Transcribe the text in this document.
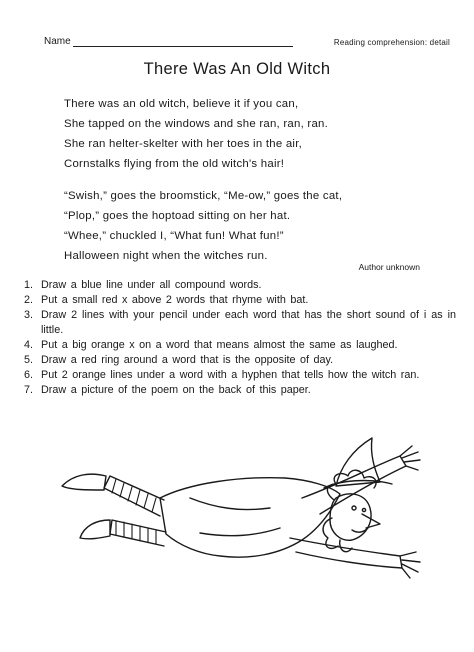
Name	Reading comprehension: detail
There Was An Old Witch
There was an old witch, believe it if you can,
She tapped on the windows and she ran, ran, ran.
She ran helter-skelter with her toes in the air,
Cornstalks flying from the old witch's hair!
“Swish,” goes the broomstick, “Me-ow,” goes the cat,
“Plop,” goes the hoptoad sitting on her hat.
“Whee,” chuckled I, “What fun! What fun!”
Halloween night when the witches run.
Author unknown
1. Draw a blue line under all compound words.
2. Put a small red x above 2 words that rhyme with bat.
3. Draw 2 lines with your pencil under each word that has the short sound of i as in little.
4. Put a big orange x on a word that means almost the same as laughed.
5. Draw a red ring around a word that is the opposite of day.
6. Put 2 orange lines under a word with a hyphen that tells how the witch ran.
7. Draw a picture of the poem on the back of this paper.
